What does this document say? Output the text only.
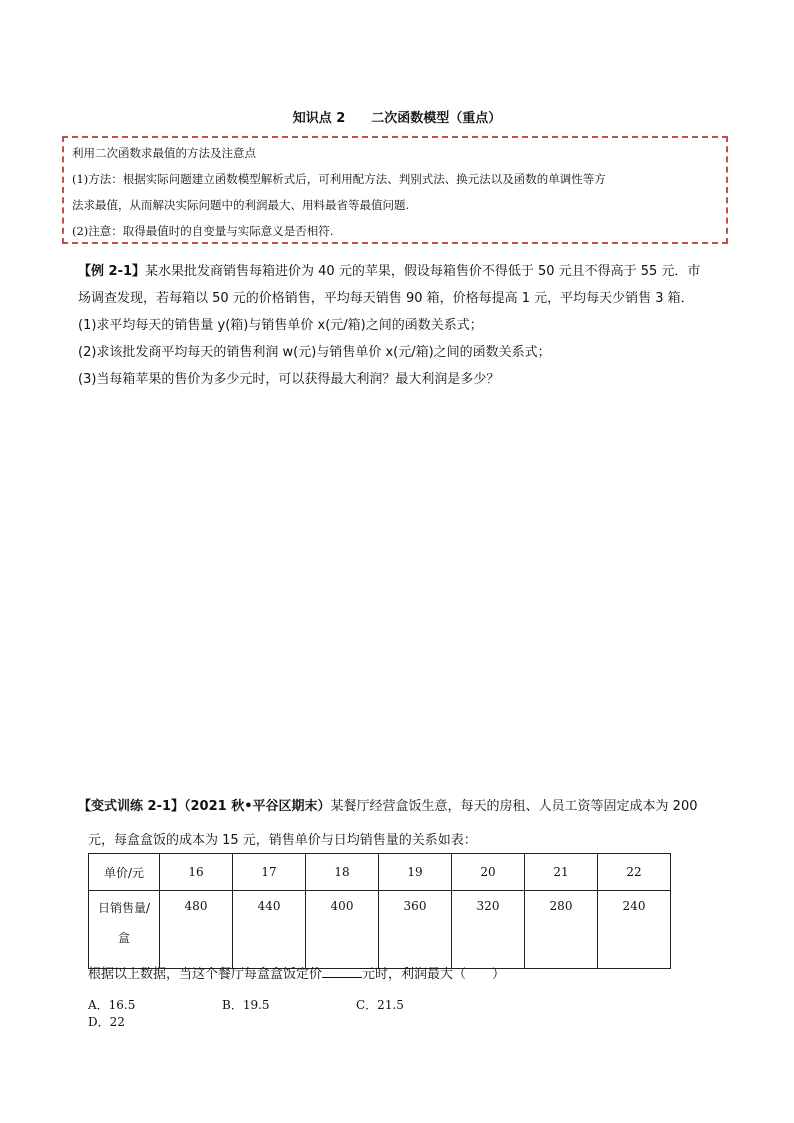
知识点 2 二次函数模型（重点）

利用二次函数求最值的方法及注意点

(1)方法：根据实际问题建立函数模型解析式后，可利用配方法、判别式法、换元法以及函数的单调性等方

法求最值，从而解决实际问题中的利润最大、用料最省等最值问题.

(2)注意：取得最值时的自变量与实际意义是否相符.

【例 2-1】某水果批发商销售每箱进价为 40 元的苹果，假设每箱售价不得低于 50 元且不得高于 55 元．市

场调查发现，若每箱以 50 元的价格销售，平均每天销售 90 箱，价格每提高 1 元，平均每天少销售 3 箱．

(1)求平均每天的销售量 y(箱)与销售单价 x(元/箱)之间的函数关系式；

(2)求该批发商平均每天的销售利润 w(元)与销售单价 x(元/箱)之间的函数关系式；

(3)当每箱苹果的售价为多少元时，可以获得最大利润？最大利润是多少？

【变式训练 2-1】（2021 秋•平谷区期末）某餐厅经营盒饭生意，每天的房租、人员工资等固定成本为 200

元，每盒盒饭的成本为 15 元，销售单价与日均销售量的关系如表：

单价/元	16	17	18	19	20	21	22
日销售量/
盒	480	440	400	360	320	280	240
根据以上数据，当这个餐厅每盒盒饭定价	元时，利润最大（　　）
A．16.5	B．19.5	C．21.5D．22
